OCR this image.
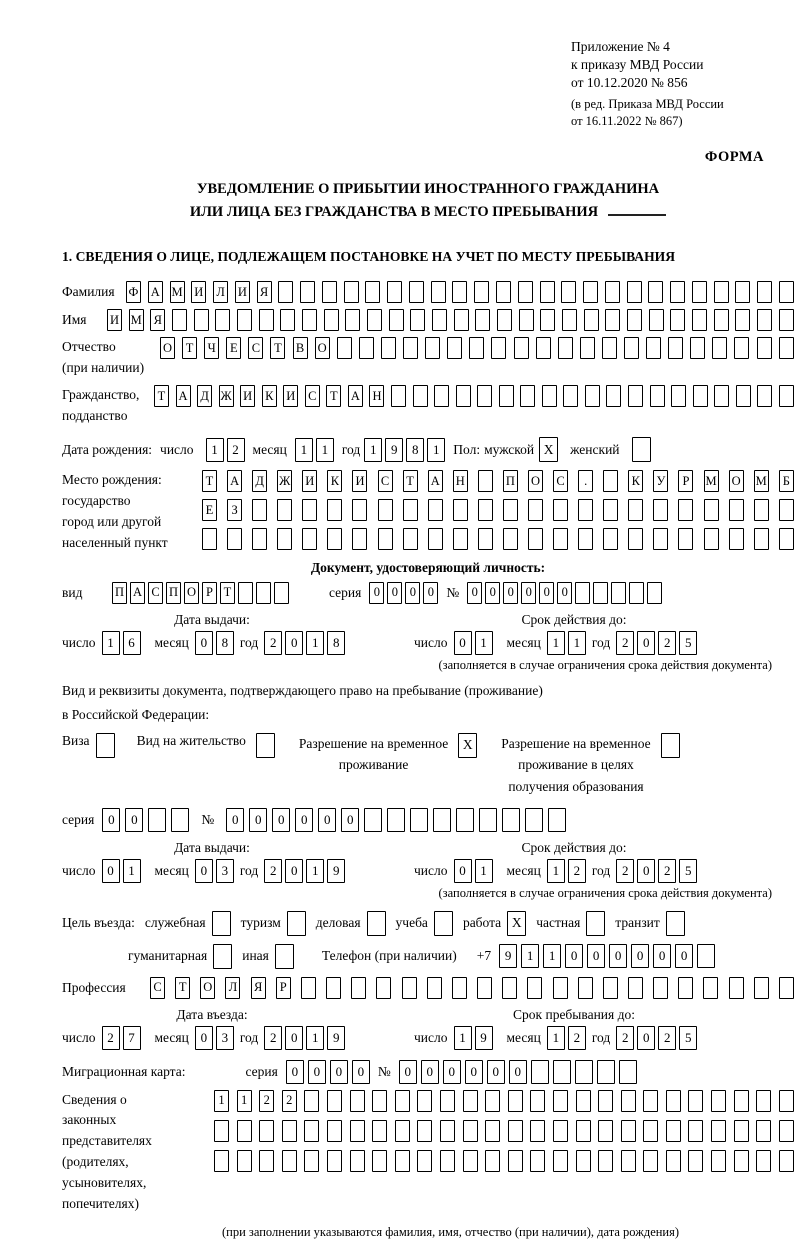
Приложение № 4
к приказу МВД России
от 10.12.2020 № 856
(в ред. Приказа МВД России
от 16.11.2022 № 867)
ФОРМА
УВЕДОМЛЕНИЕ О ПРИБЫТИИ ИНОСТРАННОГО ГРАЖДАНИНА
ИЛИ ЛИЦА БЕЗ ГРАЖДАНСТВА В МЕСТО ПРЕБЫВАНИЯ
1. СВЕДЕНИЯ О ЛИЦЕ, ПОДЛЕЖАЩЕМ ПОСТАНОВКЕ НА УЧЕТ ПО МЕСТУ ПРЕБЫВАНИЯ
Фамилия	Ф А М И Л И Я
Имя	И М Я
Отчество
(при наличии)
О Т Ч Е С Т В О
Гражданство,
подданство
Т А Д Ж И К И С Т А Н
Дата рождения: число	1	2	месяц	1	1	год 1	9	8	1	Пол: мужской X	женский
Место рождения:
государство
город или другой
населенный пункт
Т А Д Ж И К И С Т А Н	П О С	.	К У	Р	М О М	Б
Е	З
Документ, удостоверяющий личность:
вид	П А С П О Р Т	серия 0 0 0 0 № 0 0 0 0 0 0
Дата выдачи:
число 1	6	месяц 0	8 год 2	0	1	8
Срок действия до:
число 0	1	месяц 1	1 год 2	0	2	5
(заполняется в случае ограничения срока действия документа)
Вид и реквизиты документа, подтверждающего право на пребывание (проживание)
в Российской Федерации:
Виза	Вид на жительство	Разрешение на временное
проживание
X	Разрешение на временное
проживание в целях
получения образования
серия	0	0	№	0	0	0	0	0	0
Дата выдачи:
число 0	1	месяц 0	3 год 2	0	1	9
Срок действия до:
число 0	1	месяц 1	2 год 2	0	2	5
(заполняется в случае ограничения срока действия документа)
Цель въезда: служебная	туризм	деловая	учеба	работа X	частная	транзит
гуманитарная	иная	Телефон (при наличии) +7	9	1	1	0	0	0	0	0	0
Профессия	С Т О Л Я	Р
Дата въезда:
число 2	7	месяц 0	3 год 2	0	1	9
Срок пребывания до:
число 1	9	месяц 1	2 год 2	0	2	5
Миграционная карта:	серия	0	0	0	0	№	0	0	0	0	0	0
Сведения о
законных
представителях
(родителях,
усыновителях,
попечителях)
1	1	2	2
(при заполнении указываются фамилия, имя, отчество (при наличии), дата рождения)
